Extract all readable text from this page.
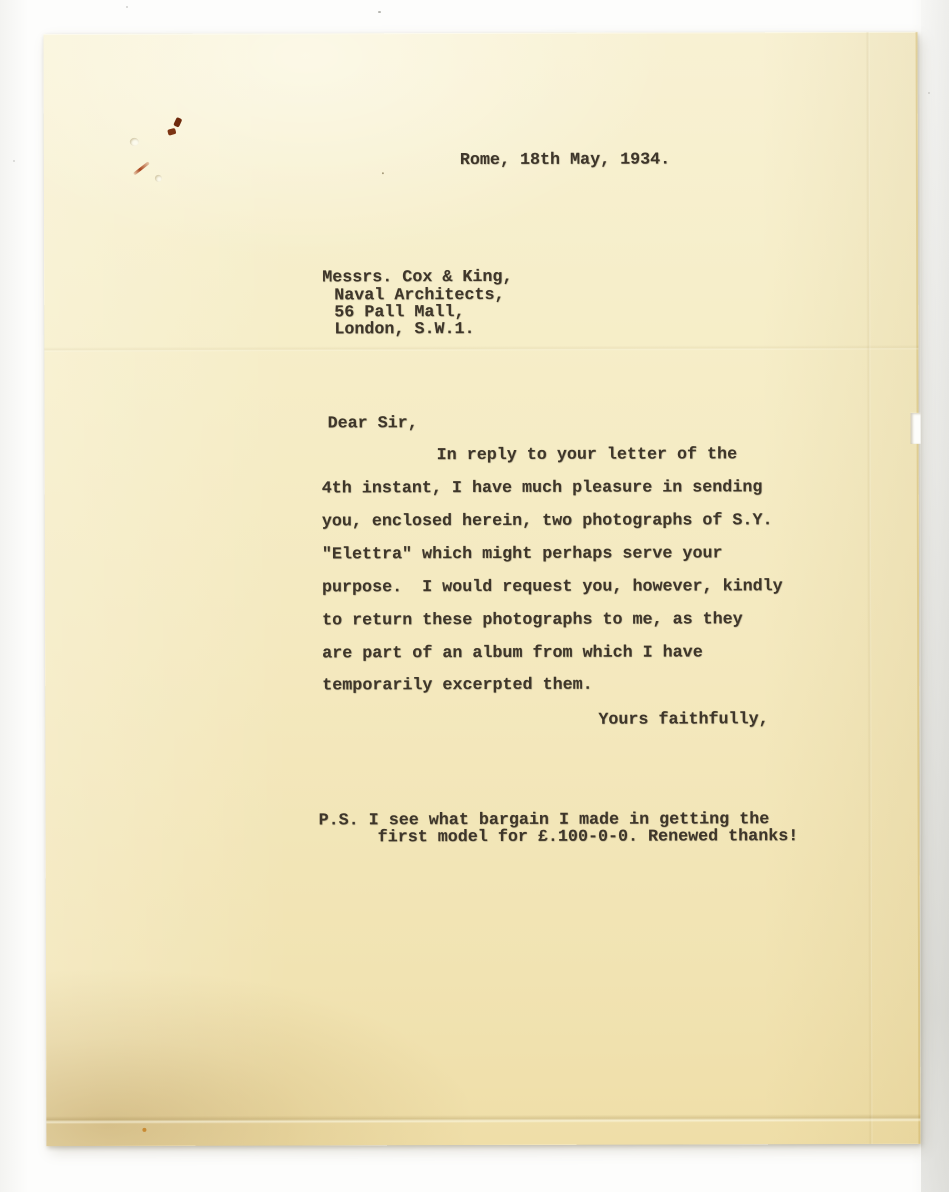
Rome, 18th May, 1934.
Messrs. Cox & King,
Naval Architects,
56 Pall Mall,
London, S.W.1.
Dear Sir,
In reply to your letter of the
4th instant, I have much pleasure in sending
you, enclosed herein, two photographs of S.Y.
"Elettra" which might perhaps serve your
purpose.  I would request you, however, kindly
to return these photographs to me, as they
are part of an album from which I have
temporarily excerpted them.
Yours faithfully,
P.S. I see what bargain I made in getting the
first model for £.100-0-0. Renewed thanks!
